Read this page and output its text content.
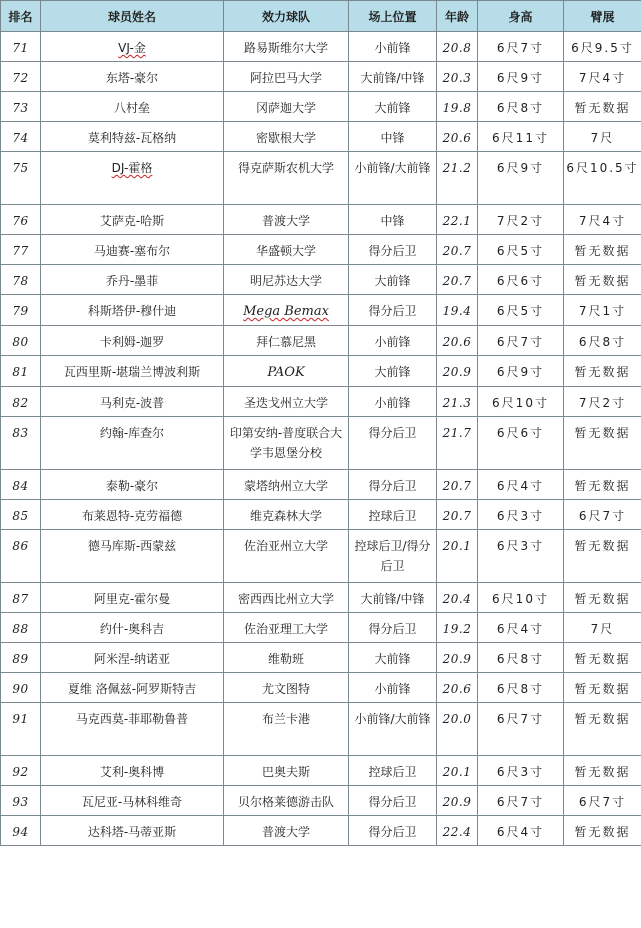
排名	球员姓名	效力球队	场上位置	年龄	身高	臂展
71	VJ-金	路易斯维尔大学	小前锋	20.8	6尺7寸	6尺9.5寸
72	东塔-豪尔	阿拉巴马大学	大前锋/中锋	20.3	6尺9寸	7尺4寸
73	八村垒	冈萨迦大学	大前锋	19.8	6尺8寸	暂无数据
74	莫利特兹-瓦格纳	密歇根大学	中锋	20.6	6尺11寸	7尺
75	DJ-霍格	得克萨斯农机大学	小前锋/大前锋	21.2	6尺9寸	6尺10.5寸
76	艾萨克-哈斯	普渡大学	中锋	22.1	7尺2寸	7尺4寸
77	马迪赛-塞布尔	华盛顿大学	得分后卫	20.7	6尺5寸	暂无数据
78	乔丹-墨菲	明尼苏达大学	大前锋	20.7	6尺6寸	暂无数据
79	科斯塔伊-穆什迪	Mega Bemax	得分后卫	19.4	6尺5寸	7尺1寸
80	卡利姆-迦罗	拜仁慕尼黑	小前锋	20.6	6尺7寸	6尺8寸
81	瓦西里斯-堪瑞兰博波利斯	PAOK	大前锋	20.9	6尺9寸	暂无数据
82	马利克-波普	圣迭戈州立大学	小前锋	21.3	6尺10寸	7尺2寸
83	约翰-库查尔	印第安纳-普度联合大学韦恩堡分校	得分后卫	21.7	6尺6寸	暂无数据
84	泰勒-豪尔	蒙塔纳州立大学	得分后卫	20.7	6尺4寸	暂无数据
85	布莱恩特-克劳福德	维克森林大学	控球后卫	20.7	6尺3寸	6尺7寸
86	德马库斯-西蒙兹	佐治亚州立大学	控球后卫/得分后卫	20.1	6尺3寸	暂无数据
87	阿里克-霍尔曼	密西西比州立大学	大前锋/中锋	20.4	6尺10寸	暂无数据
88	约什-奥科吉	佐治亚理工大学	得分后卫	19.2	6尺4寸	7尺
89	阿米涅-纳诺亚	维勒班	大前锋	20.9	6尺8寸	暂无数据
90	夏维 洛佩兹-阿罗斯特吉	尤文图特	小前锋	20.6	6尺8寸	暂无数据
91	马克西莫-菲耶勒鲁普	布兰卡港	小前锋/大前锋	20.0	6尺7寸	暂无数据
92	艾利-奥科博	巴奥夫斯	控球后卫	20.1	6尺3寸	暂无数据
93	瓦尼亚-马林科维奇	贝尔格莱德游击队	得分后卫	20.9	6尺7寸	6尺7寸
94	达科塔-马蒂亚斯	普渡大学	得分后卫	22.4	6尺4寸	暂无数据
